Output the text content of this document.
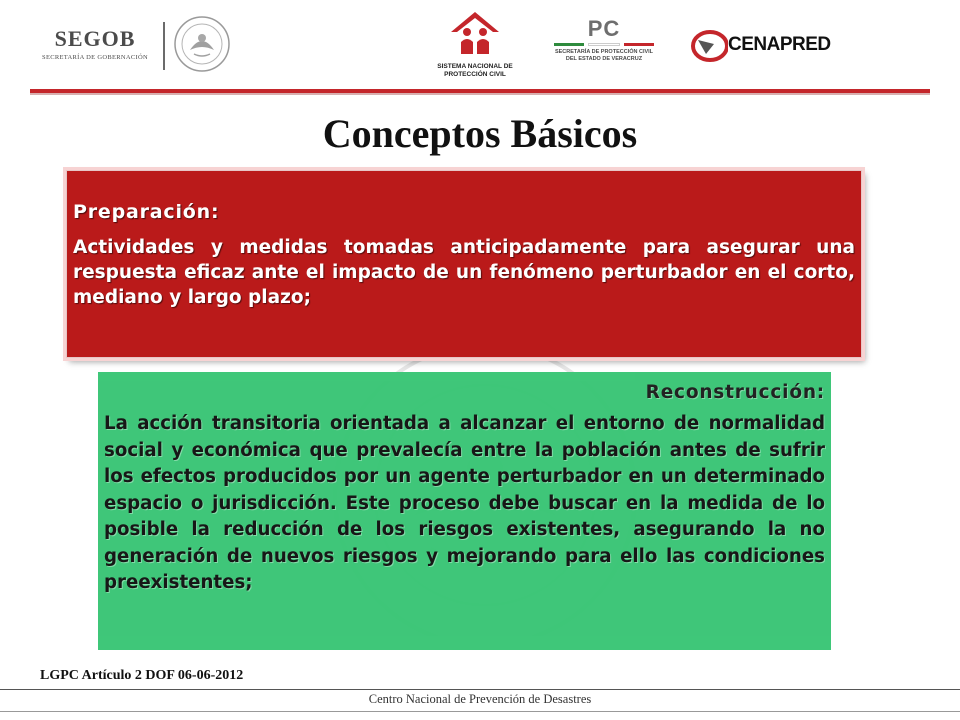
SEGOB
SECRETARÍA DE GOBERNACIÓN
SISTEMA NACIONAL DE
PROTECCIÓN CIVIL
PC
SECRETARÍA DE PROTECCIÓN CIVIL
DEL ESTADO DE VERACRUZ
CENAPRED
Conceptos Básicos
Preparación:
Actividades y medidas tomadas anticipadamente para asegurar una respuesta eficaz ante el impacto de un fenómeno perturbador en el corto, mediano y largo plazo;
Reconstrucción:
La acción transitoria orientada a alcanzar el entorno de normalidad social y económica que prevalecía entre la población antes de sufrir los efectos producidos por un agente perturbador en un determinado espacio o jurisdicción. Este proceso debe buscar en la medida de lo posible la reducción de los riesgos existentes, asegurando la no generación de nuevos riesgos y mejorando para ello las condiciones preexistentes;
LGPC Artículo 2 DOF 06-06-2012
Centro Nacional de Prevención de Desastres
